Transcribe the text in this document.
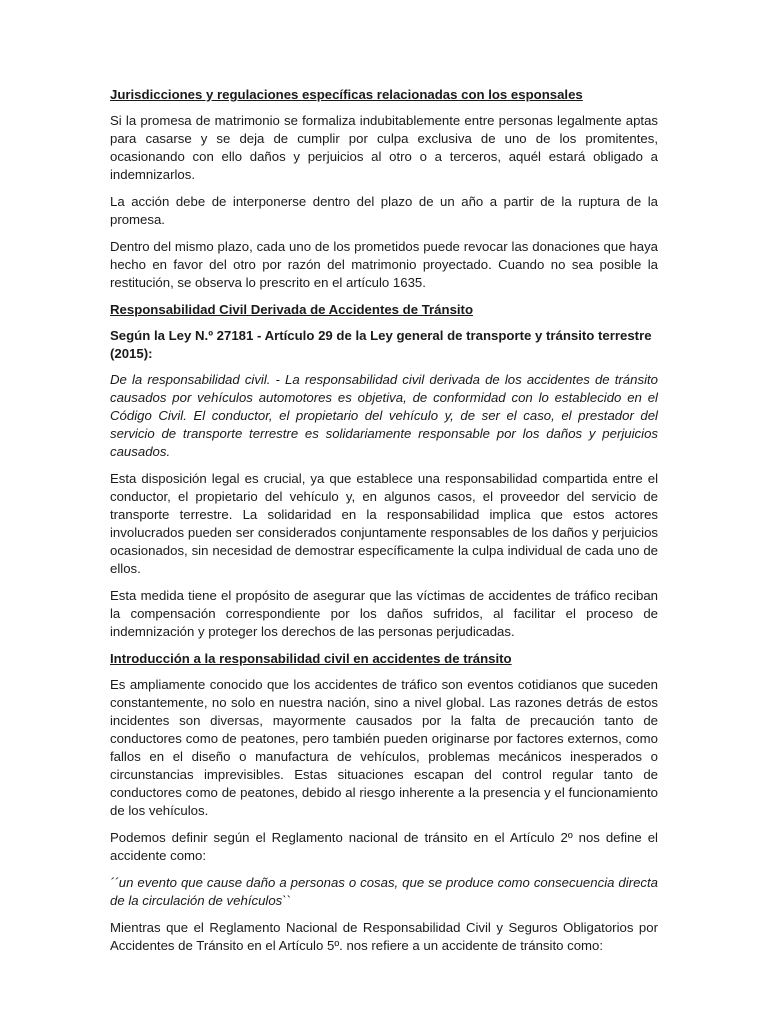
Jurisdicciones y regulaciones específicas relacionadas con los esponsales

Si la promesa de matrimonio se formaliza indubitablemente entre personas legalmente aptas para casarse y se deja de cumplir por culpa exclusiva de uno de los promitentes, ocasionando con ello daños y perjuicios al otro o a terceros, aquél estará obligado a indemnizarlos.

La acción debe de interponerse dentro del plazo de un año a partir de la ruptura de la promesa.

Dentro del mismo plazo, cada uno de los prometidos puede revocar las donaciones que haya hecho en favor del otro por razón del matrimonio proyectado. Cuando no sea posible la restitución, se observa lo prescrito en el artículo 1635.

Responsabilidad Civil Derivada de Accidentes de Tránsito
Según la Ley N.º 27181 - Artículo 29 de la Ley general de transporte y tránsito terrestre (2015):

De la responsabilidad civil. - La responsabilidad civil derivada de los accidentes de tránsito causados por vehículos automotores es objetiva, de conformidad con lo establecido en el Código Civil. El conductor, el propietario del vehículo y, de ser el caso, el prestador del servicio de transporte terrestre es solidariamente responsable por los daños y perjuicios causados.

Esta disposición legal es crucial, ya que establece una responsabilidad compartida entre el conductor, el propietario del vehículo y, en algunos casos, el proveedor del servicio de transporte terrestre. La solidaridad en la responsabilidad implica que estos actores involucrados pueden ser considerados conjuntamente responsables de los daños y perjuicios ocasionados, sin necesidad de demostrar específicamente la culpa individual de cada uno de ellos.

Esta medida tiene el propósito de asegurar que las víctimas de accidentes de tráfico reciban la compensación correspondiente por los daños sufridos, al facilitar el proceso de indemnización y proteger los derechos de las personas perjudicadas.

Introducción a la responsabilidad civil en accidentes de tránsito

Es ampliamente conocido que los accidentes de tráfico son eventos cotidianos que suceden constantemente, no solo en nuestra nación, sino a nivel global. Las razones detrás de estos incidentes son diversas, mayormente causados por la falta de precaución tanto de conductores como de peatones, pero también pueden originarse por factores externos, como fallos en el diseño o manufactura de vehículos, problemas mecánicos inesperados o circunstancias imprevisibles. Estas situaciones escapan del control regular tanto de conductores como de peatones, debido al riesgo inherente a la presencia y el funcionamiento de los vehículos.

Podemos definir según el Reglamento nacional de tránsito en el Artículo 2º nos define el accidente como:

´´un evento que cause daño a personas o cosas, que se produce como consecuencia directa de la circulación de vehículos``

Mientras que el Reglamento Nacional de Responsabilidad Civil y Seguros Obligatorios por Accidentes de Tránsito en el Artículo 5º. nos refiere a un accidente de tránsito como:
